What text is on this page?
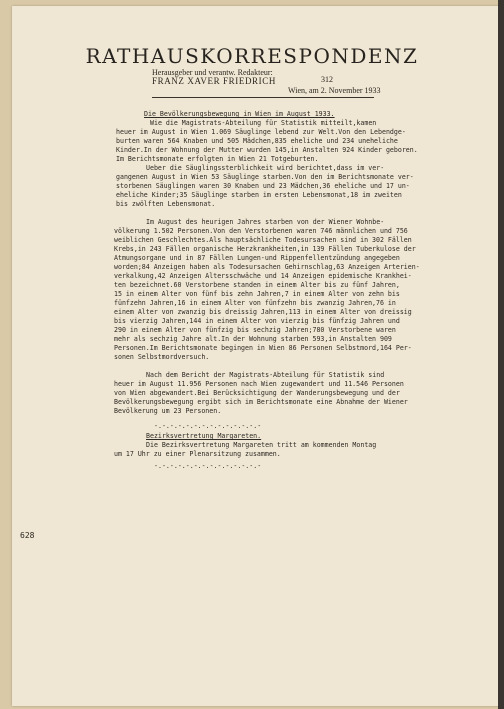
RATHAUSKORRESPONDENZ
Herausgeber und verantw. Redakteur:
FRANZ XAVER FRIEDRICH	312
Wien, am 2. November 1933

Die Bevölkerungsbewegung in Wien im August 1933.

Wie die Magistrats-Abteilung für Statistik mitteilt,kamen

heuer im August in Wien 1.069 Säuglinge lebend zur Welt.Von den Lebendge-

burten waren 564 Knaben und 505 Mädchen,835 eheliche und 234 uneheliche

Kinder.In der Wohnung der Mutter wurden 145,in Anstalten 924 Kinder geboren.

Im Berichtsmonate erfolgten in Wien 21 Totgeburten.

Ueber die Säuglingssterblichkeit wird berichtet,dass im ver-

gangenen August in Wien 53 Säuglinge starben.Von den im Berichtsmonate ver-

storbenen Säuglingen waren 30 Knaben und 23 Mädchen,36 eheliche und 17 un-

eheliche Kinder;35 Säuglinge starben im ersten Lebensmonat,18 im zweiten

bis zwölften Lebensmonat.

Im August des heurigen Jahres starben von der Wiener Wohnbe-

völkerung 1.502 Personen.Von den Verstorbenen waren 746 männlichen und 756

weiblichen Geschlechtes.Als hauptsächliche Todesursachen sind in 302 Fällen

Krebs,in 243 Fällen organische Herzkrankheiten,in 139 Fällen Tuberkulose der

Atmungsorgane und in 87 Fällen Lungen-und Rippenfellentzündung angegeben

worden;84 Anzeigen haben als Todesursachen Gehirnschlag,63 Anzeigen Arterien-

verkalkung,42 Anzeigen Altersschwäche und 14 Anzeigen epidemische Krankhei-

ten bezeichnet.60 Verstorbene standen in einem Alter bis zu fünf Jahren,

15 in einem Alter von fünf bis zehn Jahren,7 in einem Alter von zehn bis

fünfzehn Jahren,16 in einem Alter von fünfzehn bis zwanzig Jahren,76 in

einem Alter von zwanzig bis dreissig Jahren,113 in einem Alter von dreissig

bis vierzig Jahren,144 in einem Alter von vierzig bis fünfzig Jahren und

290 in einem Alter von fünfzig bis sechzig Jahren;780 Verstorbene waren

mehr als sechzig Jahre alt.In der Wohnung starben 593,in Anstalten 909

Personen.Im Berichtsmonate begingen in Wien 86 Personen Selbstmord,164 Per-

sonen Selbstmordversuch.

Nach dem Bericht der Magistrats-Abteilung für Statistik sind

heuer im August 11.956 Personen nach Wien zugewandert und 11.546 Personen

von Wien abgewandert.Bei Berücksichtigung der Wanderungsbewegung und der

Bevölkerungsbewegung ergibt sich im Berichtsmonate eine Abnahme der Wiener

Bevölkerung um 23 Personen.

-.-.-.-.-.-.-.-.-.-.-.-.-.-

Bezirksvertretung Margareten.

Die Bezirksvertretung Margareten tritt am kommenden Montag

um 17 Uhr zu einer Plenarsitzung zusammen.

-.-.-.-.-.-.-.-.-.-.-.-.-.-

628
